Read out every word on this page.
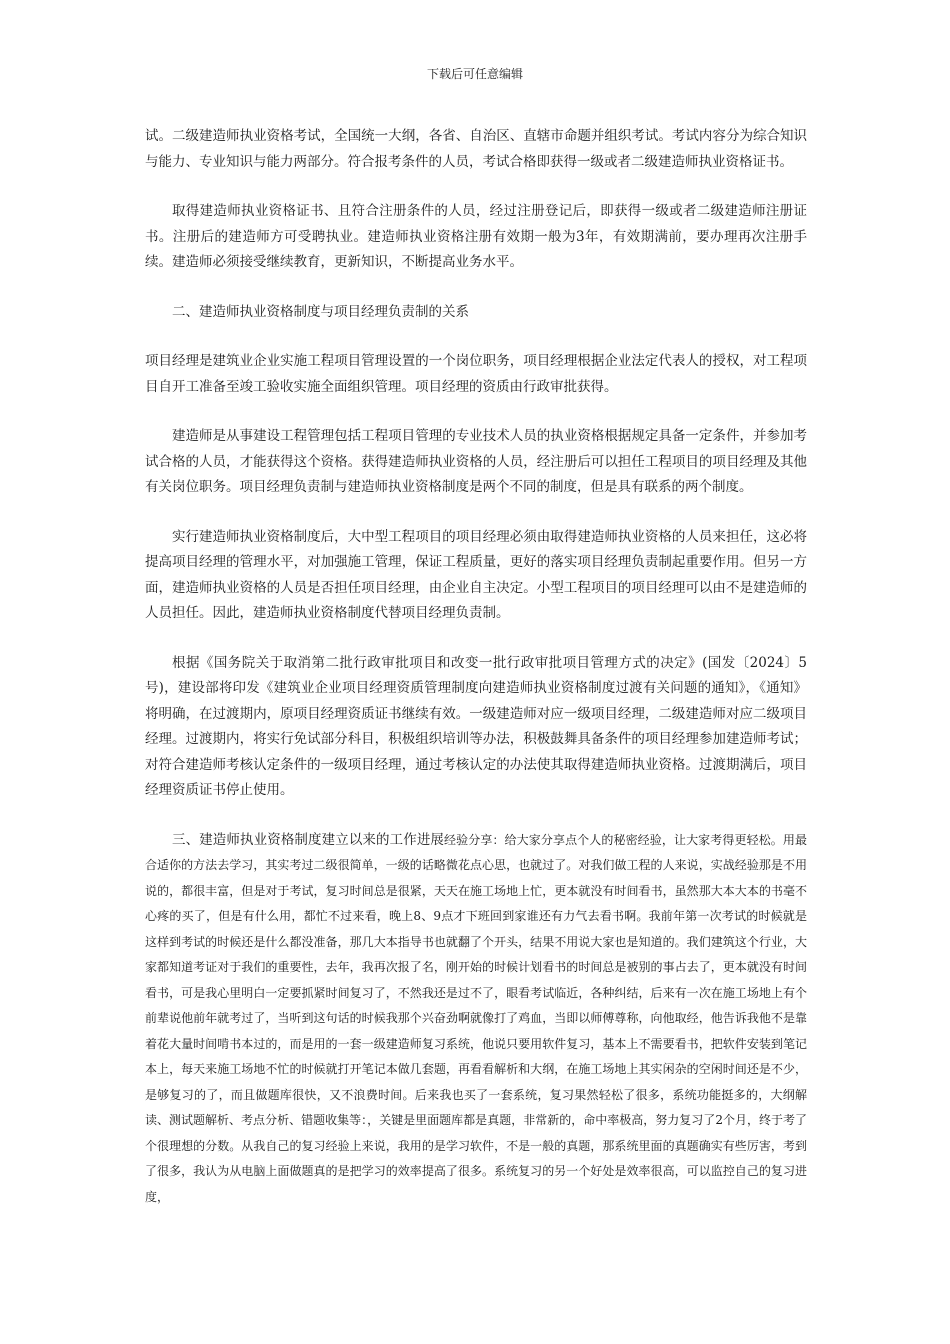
下载后可任意编辑

试。二级建造师执业资格考试，全国统一大纲，各省、自治区、直辖市命题并组织考试。考试内容分为综合知识与能力、专业知识与能力两部分。符合报考条件的人员，考试合格即获得一级或者二级建造师执业资格证书。

取得建造师执业资格证书、且符合注册条件的人员，经过注册登记后，即获得一级或者二级建造师注册证书。注册后的建造师方可受聘执业。建造师执业资格注册有效期一般为3年，有效期满前，要办理再次注册手续。建造师必须接受继续教育，更新知识，不断提高业务水平。

二、建造师执业资格制度与项目经理负责制的关系

项目经理是建筑业企业实施工程项目管理设置的一个岗位职务，项目经理根据企业法定代表人的授权，对工程项目自开工准备至竣工验收实施全面组织管理。项目经理的资质由行政审批获得。

建造师是从事建设工程管理包括工程项目管理的专业技术人员的执业资格根据规定具备一定条件，并参加考试合格的人员，才能获得这个资格。获得建造师执业资格的人员，经注册后可以担任工程项目的项目经理及其他有关岗位职务。项目经理负责制与建造师执业资格制度是两个不同的制度，但是具有联系的两个制度。

实行建造师执业资格制度后，大中型工程项目的项目经理必须由取得建造师执业资格的人员来担任，这必将提高项目经理的管理水平，对加强施工管理，保证工程质量，更好的落实项目经理负责制起重要作用。但另一方面，建造师执业资格的人员是否担任项目经理，由企业自主决定。小型工程项目的项目经理可以由不是建造师的人员担任。因此，建造师执业资格制度代替项目经理负责制。

根据《国务院关于取消第二批行政审批项目和改变一批行政审批项目管理方式的决定》(国发〔2024〕5号)，建设部将印发《建筑业企业项目经理资质管理制度向建造师执业资格制度过渡有关问题的通知》，《通知》将明确，在过渡期内，原项目经理资质证书继续有效。一级建造师对应一级项目经理，二级建造师对应二级项目经理。过渡期内，将实行免试部分科目，积极组织培训等办法，积极鼓舞具备条件的项目经理参加建造师考试；对符合建造师考核认定条件的一级项目经理，通过考核认定的办法使其取得建造师执业资格。过渡期满后，项目经理资质证书停止使用。

三、建造师执业资格制度建立以来的工作进展经验分享：给大家分享点个人的秘密经验，让大家考得更轻松。用最合适你的方法去学习，其实考过二级很简单，一级的话略微花点心思，也就过了。对我们做工程的人来说，实战经验那是不用说的，都很丰富，但是对于考试，复习时间总是很紧，天天在施工场地上忙，更本就没有时间看书，虽然那大本大本的书毫不心疼的买了，但是有什么用，都忙不过来看，晚上8、9点才下班回到家谁还有力气去看书啊。我前年第一次考试的时候就是这样到考试的时候还是什么都没准备，那几大本指导书也就翻了个开头，结果不用说大家也是知道的。我们建筑这个行业，大家都知道考证对于我们的重要性，去年，我再次报了名，刚开始的时候计划看书的时间总是被别的事占去了，更本就没有时间看书，可是我心里明白一定要抓紧时间复习了，不然我还是过不了，眼看考试临近，各种纠结，后来有一次在施工场地上有个前辈说他前年就考过了，当听到这句话的时候我那个兴奋劲啊就像打了鸡血，当即以师傅尊称，向他取经，他告诉我他不是靠着花大量时间啃书本过的，而是用的一套一级建造师复习系统，他说只要用软件复习，基本上不需要看书，把软件安装到笔记本上，每天来施工场地不忙的时候就打开笔记本做几套题，再看看解析和大纲，在施工场地上其实闲杂的空闲时间还是不少，是够复习的了，而且做题库很快，又不浪费时间。后来我也买了一套系统，复习果然轻松了很多，系统功能挺多的，大纲解读、测试题解析、考点分析、错题收集等：，关键是里面题库都是真题，非常新的，命中率极高，努力复习了2个月，终于考了个很理想的分数。从我自己的复习经验上来说，我用的是学习软件，不是一般的真题，那系统里面的真题确实有些厉害，考到了很多，我认为从电脑上面做题真的是把学习的效率提高了很多。系统复习的另一个好处是效率很高，可以监控自己的复习进度，
